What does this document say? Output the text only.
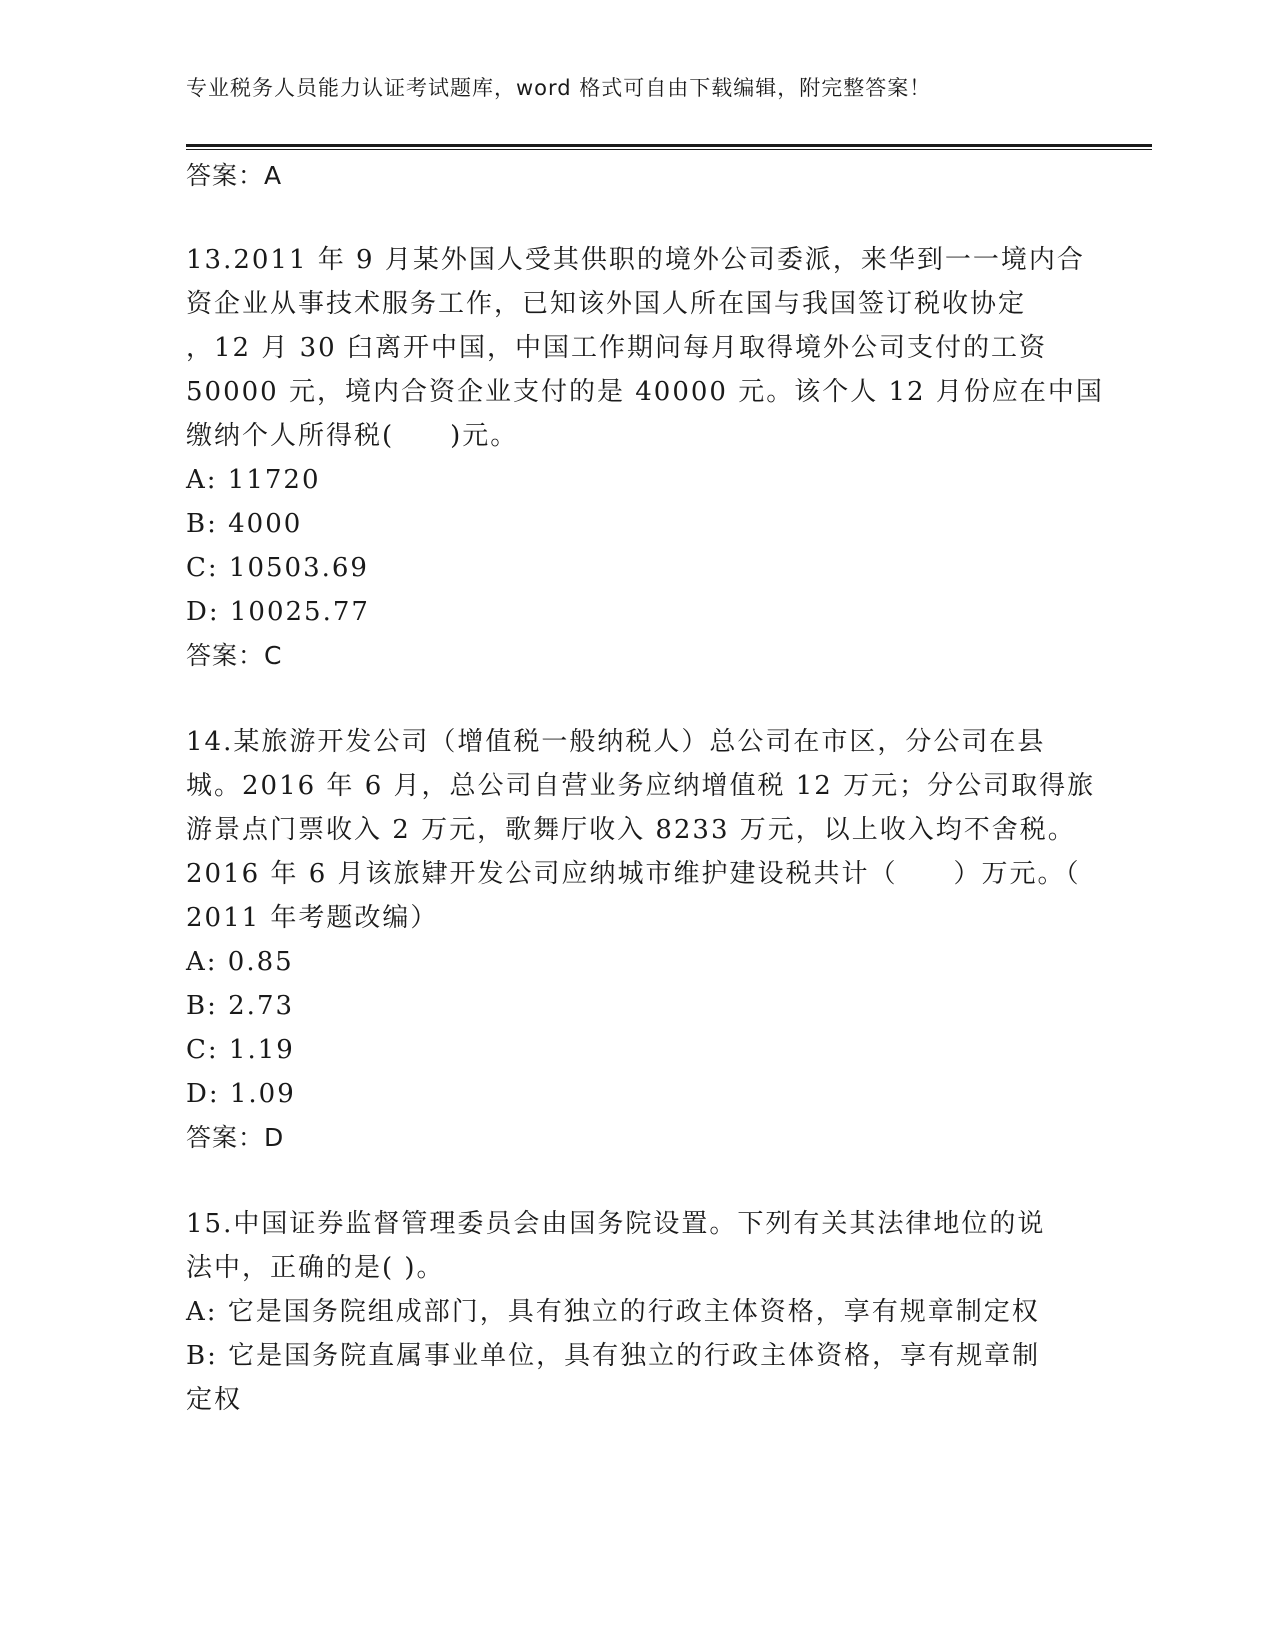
专业税务人员能力认证考试题库，word 格式可自由下载编辑，附完整答案！
答案：A
13.2011 年 9 月某外国人受其供职的境外公司委派，来华到一一境内合
资企业从事技术服务工作，已知该外国人所在国与我国签订税收协定
，12 月 30 臼离开中国，中国工作期问每月取得境外公司支付的工资
50000 元，境内合资企业支付的是 40000 元。该个人 12 月份应在中国
缴纳个人所得税(　　)元。
A: 11720
B: 4000
C: 10503.69
D: 10025.77
答案：C
14.某旅游开发公司（增值税一般纳税人）总公司在市区，分公司在县
城。2016 年 6 月，总公司自营业务应纳增值税 12 万元；分公司取得旅
游景点门票收入 2 万元，歌舞厅收入 8233 万元，以上收入均不舍税。
2016 年 6 月该旅肄开发公司应纳城市维护建设税共计（　　）万元。（
2011 年考题改编）
A: 0.85
B: 2.73
C: 1.19
D: 1.09
答案：D
15.中国证券监督管理委员会由国务院设置。下列有关其法律地位的说
法中，正确的是( )。
A: 它是国务院组成部门，具有独立的行政主体资格，享有规章制定权
B: 它是国务院直属事业单位，具有独立的行政主体资格，享有规章制
定权
